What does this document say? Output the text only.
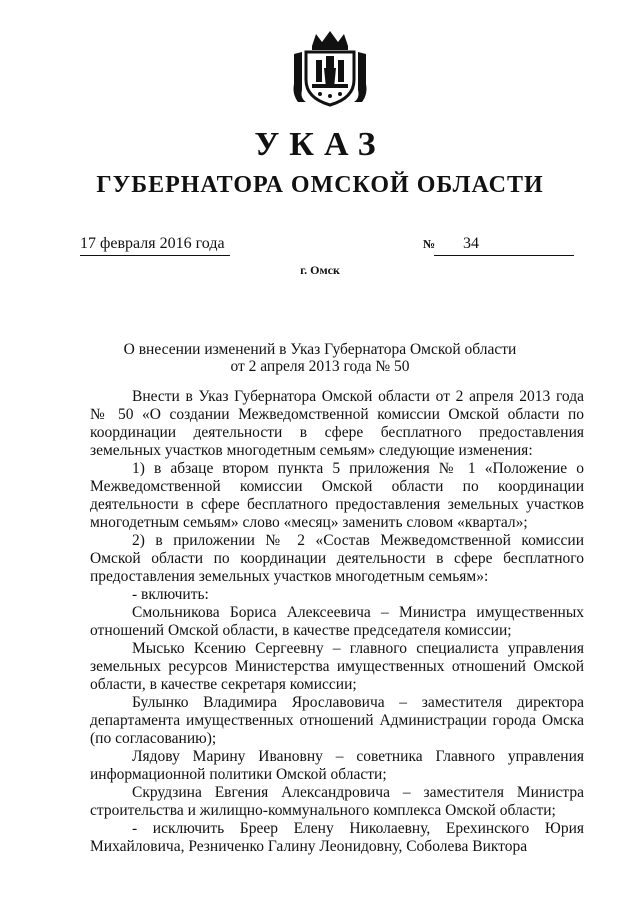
УКАЗ
ГУБЕРНАТОРА ОМСКОЙ ОБЛАСТИ
17 февраля 2016 года	№ 34
г. Омск
О внесении изменений в Указ Губернатора Омской области
от 2 апреля 2013 года № 50

Внести в Указ Губернатора Омской области от 2 апреля 2013 года № 50 «О создании Межведомственной комиссии Омской области по координации деятельности в сфере бесплатного предоставления земельных участков многодетным семьям» следующие изменения:

1) в абзаце втором пункта 5 приложения № 1 «Положение о Межведомственной комиссии Омской области по координации деятельности в сфере бесплатного предоставления земельных участков многодетным семьям» слово «месяц» заменить словом «квартал»;

2) в приложении № 2 «Состав Межведомственной комиссии Омской области по координации деятельности в сфере бесплатного предоставления земельных участков многодетным семьям»:

- включить:

Смольникова Бориса Алексеевича – Министра имущественных отношений Омской области, в качестве председателя комиссии;

Мысько Ксению Сергеевну – главного специалиста управления земельных ресурсов Министерства имущественных отношений Омской области, в качестве секретаря комиссии;

Булынко Владимира Ярославовича – заместителя директора департамента имущественных отношений Администрации города Омска (по согласованию);

Лядову Марину Ивановну – советника Главного управления информационной политики Омской области;

Скрудзина Евгения Александровича – заместителя Министра строительства и жилищно-коммунального комплекса Омской области;

- исключить Бреер Елену Николаевну, Ерехинского Юрия Михайловича, Резниченко Галину Леонидовну, Соболева Виктора
